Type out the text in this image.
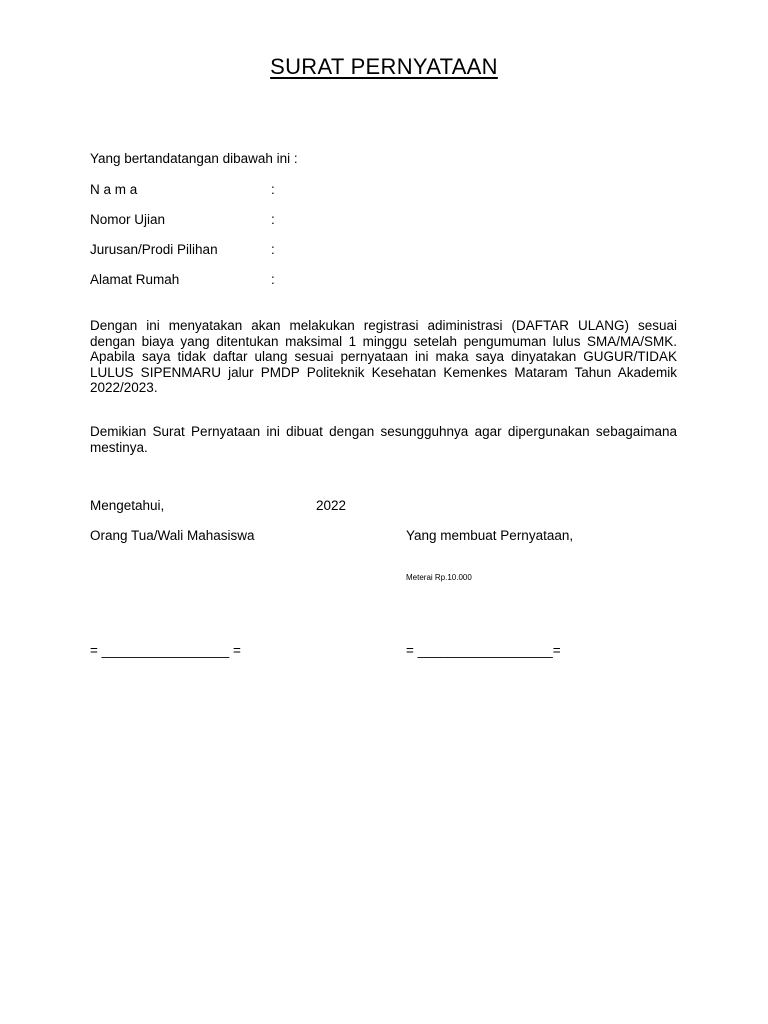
SURAT PERNYATAAN
Yang bertandatangan dibawah ini :
N a m a	:
Nomor Ujian	:
Jurusan/Prodi Pilihan	:
Alamat Rumah	:

Dengan ini menyatakan akan melakukan registrasi adiministrasi (DAFTAR ULANG) sesuai dengan biaya yang ditentukan maksimal 1 minggu setelah pengumuman lulus SMA/MA/SMK. Apabila saya tidak daftar ulang sesuai pernyataan ini maka saya dinyatakan GUGUR/TIDAK LULUS SIPENMARU jalur PMDP Politeknik Kesehatan Kemenkes Mataram Tahun Akademik 2022/2023.

Demikian Surat Pernyataan ini dibuat dengan sesungguhnya agar dipergunakan sebagaimana mestinya.

Mengetahui,	2022
Orang Tua/Wali Mahasiswa	Yang membuat Pernyataan,
Meterai Rp.10.000
= _________________ =	= __________________=
